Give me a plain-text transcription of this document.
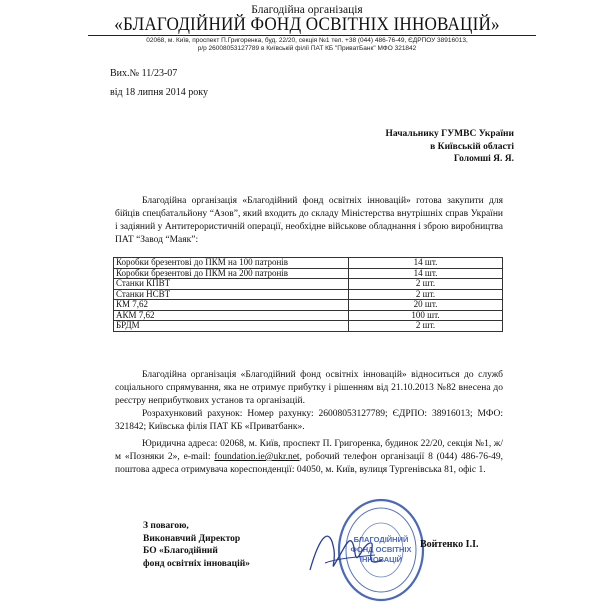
Благодійна організація
«БЛАГОДІЙНИЙ ФОНД ОСВІТНІХ ІННОВАЦІЙ»
02068, м. Київ, проспект П.Григоренка, буд. 22/20, секція №1 тел. +38 (044) 486-76-49, ЄДРПОУ 38916013,
р/р 26008053127789 в Київській філії ПАТ КБ "ПриватБанк" МФО 321842
Вих.№ 11/23-07
від 18 липня 2014 року
Начальнику ГУМВС України
в Київській області
Голомші Я. Я.

Благодійна організація «Благодійний фонд освітніх інновацій» готова закупити для бійців спецбатальйону “Азов”, який входить до складу Міністерства внутрішніх справ України і задіяний у Антитерористичній операції, необхідне військове обладнання і зброю виробництва ПАТ “Завод “Маяк”:

Коробки брезентові до ПКМ на 100 патронів	14 шт.
Коробки брезентові до ПКМ на 200 патронів	14 шт.
Станки КПВТ	2 шт.
Станки НСВТ	2 шт.
КМ 7,62	20 шт.
АКМ 7,62	100 шт.
БРДМ	2 шт.

Благодійна організація «Благодійний фонд освітніх інновацій» відноситься до служб соціального спрямування, яка не отримує прибутку і рішенням від 21.10.2013 №82 внесена до реєстру неприбуткових установ та організацій.

Розрахунковий рахунок: Номер рахунку: 26008053127789; ЄДРПО: 38916013; МФО: 321842; Київська філія ПАТ КБ «Приватбанк».

Юридична адреса: 02068, м. Київ, проспект П. Григоренка, будинок 22/20, секція №1, ж/м «Позняки 2», e-mail: foundation.ie@ukr.net, робочий телефон організації 8 (044) 486-76-49, поштова адреса отримувача кореспонденції: 04050, м. Київ, вулиця Тургенівська 81, офіс 1.

З повагою,
Виконавчий Директор
БО «Благодійний
фонд освітніх інновацій»
БЛАГОДІЙНИЙ
ФОНД ОСВІТНІХ
ІННОВАЦІЙ
Войтенко І.І.
